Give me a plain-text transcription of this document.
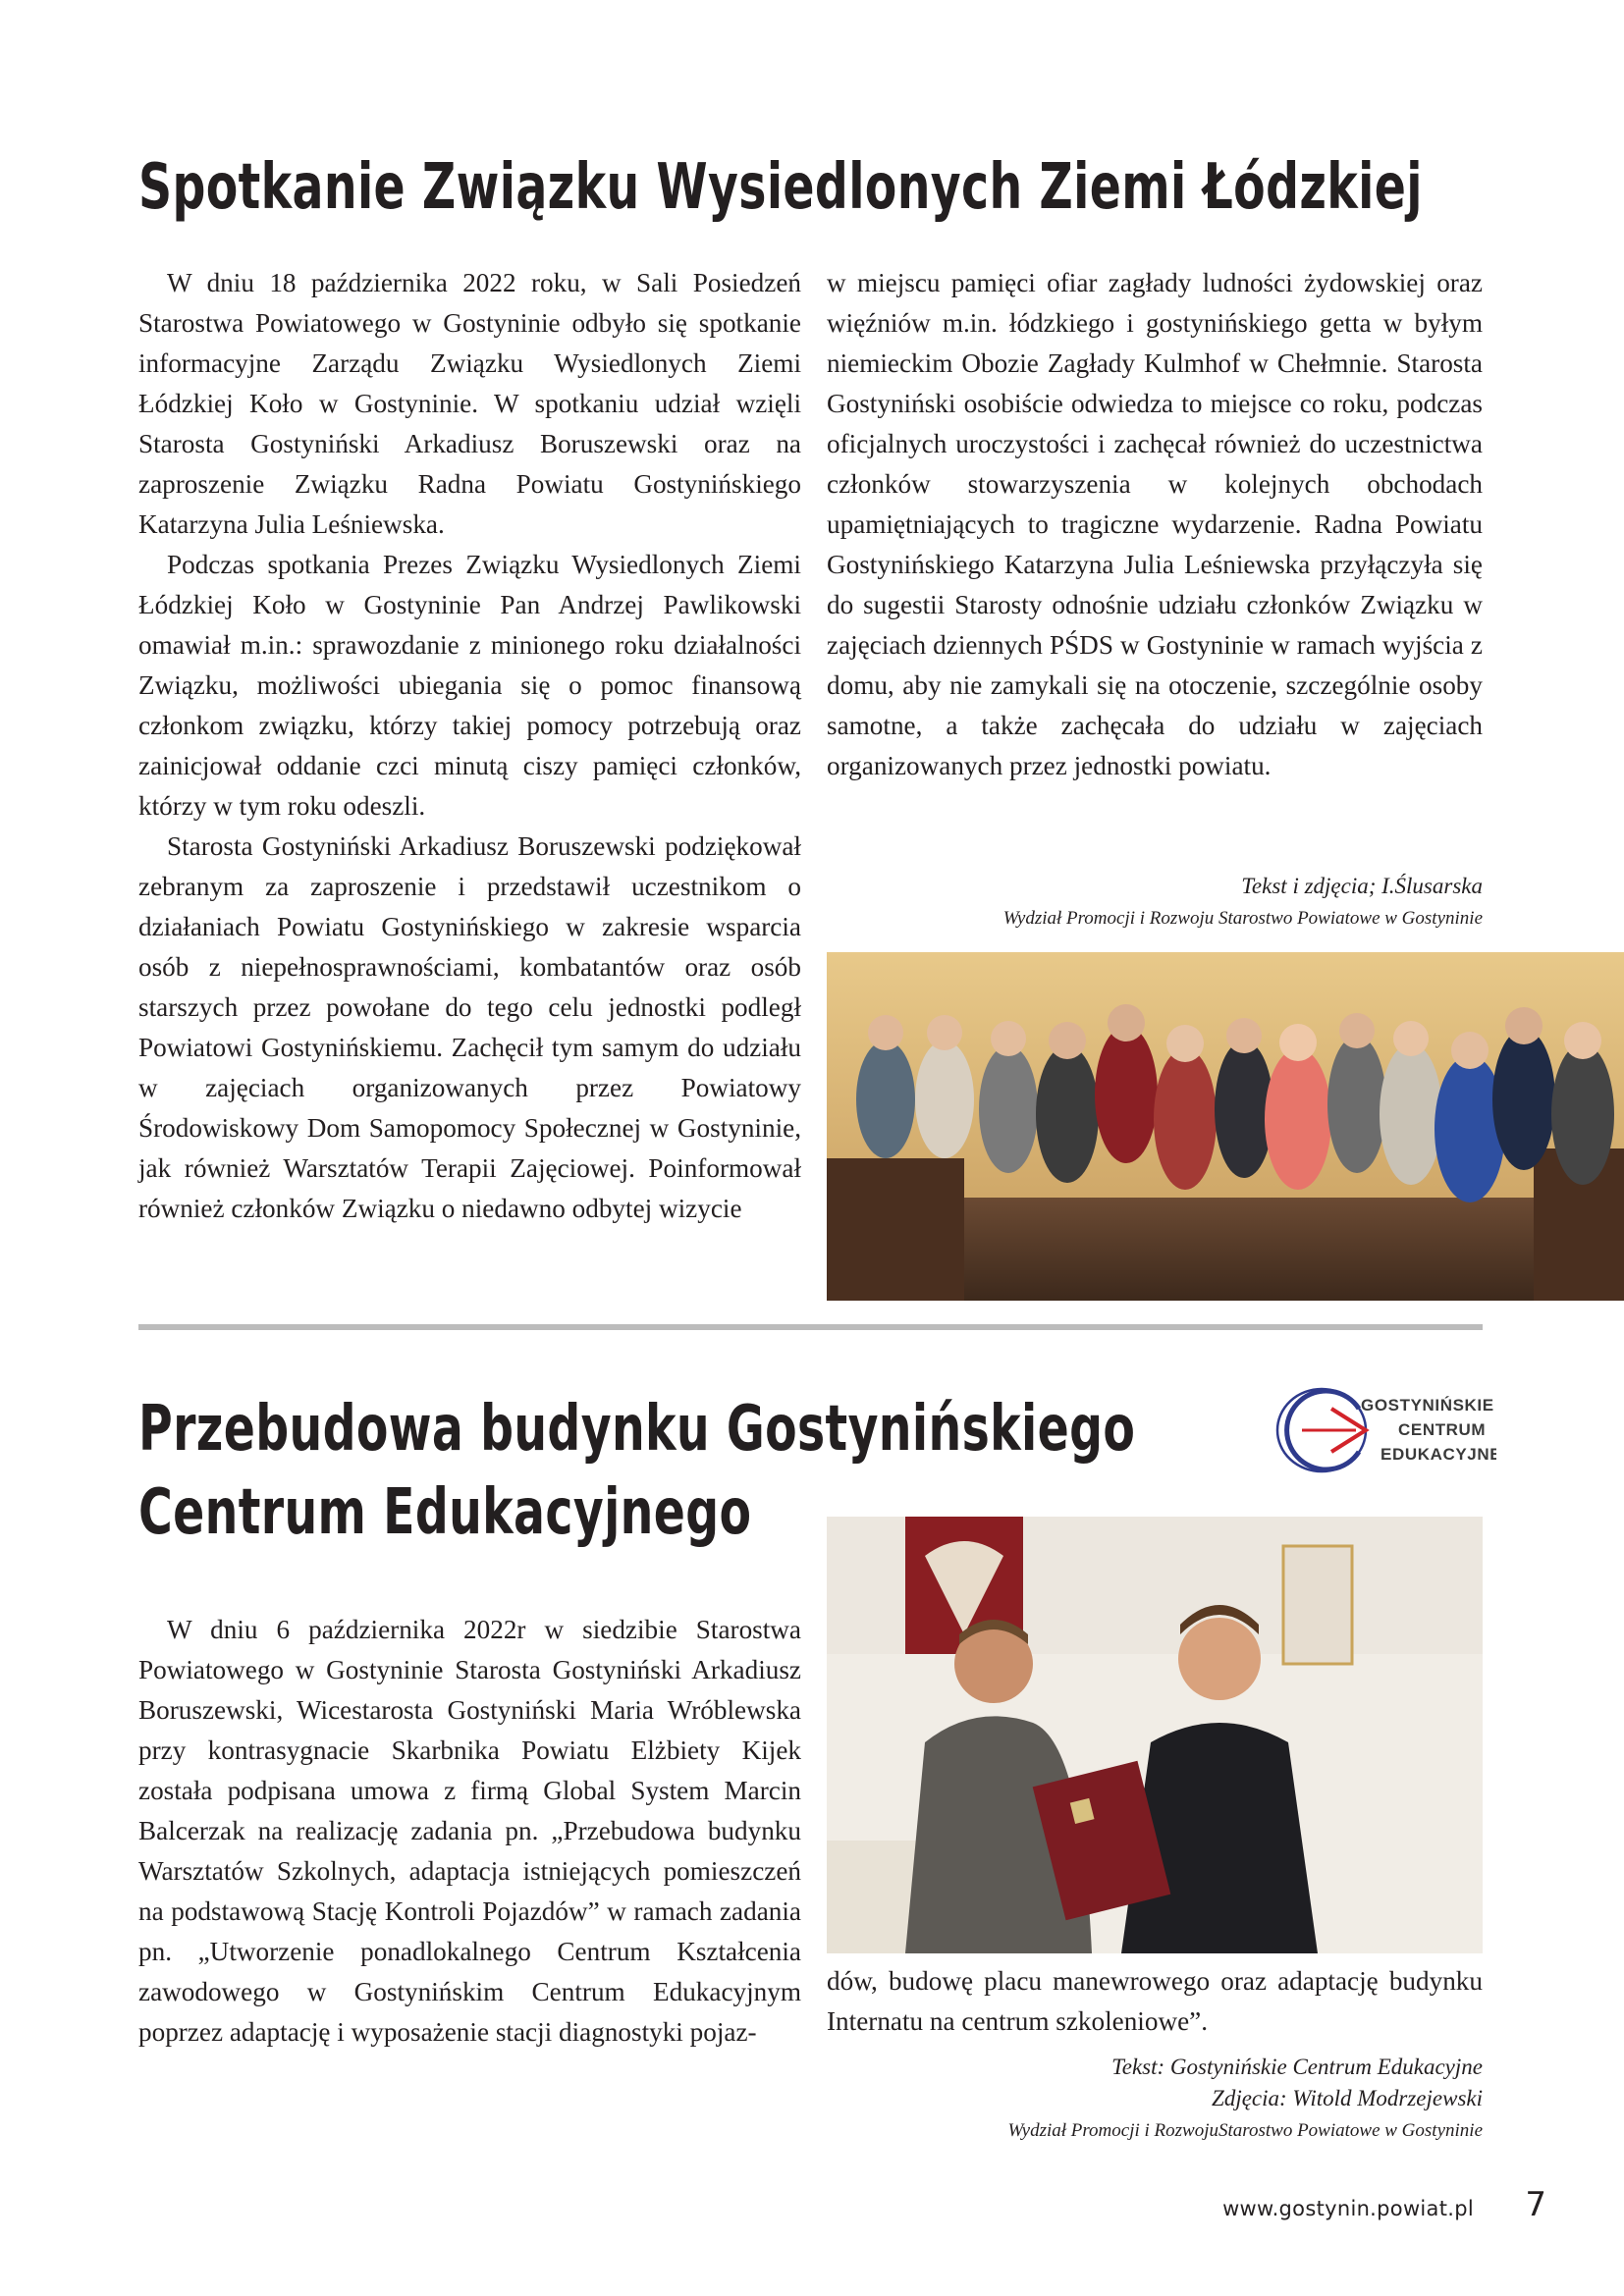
Spotkanie Związku Wysiedlonych Ziemi Łódzkiej

W dniu 18 października 2022 roku, w Sali Posiedzeń Starostwa Powiatowego w Gostyninie odbyło się spotkanie informacyjne Zarządu Związku Wysiedlonych Ziemi Łódzkiej Koło w Gostyninie. W spotkaniu udział wzięli Starosta Gostyniński Arkadiusz Boruszewski oraz na zaproszenie Związku Radna Powiatu Gostynińskiego Katarzyna Julia Leśniewska.

Podczas spotkania Prezes Związku Wysiedlonych Ziemi Łódzkiej Koło w Gostyninie Pan Andrzej Pawlikowski omawiał m.in.: sprawozdanie z minionego roku działalności Związku, możliwości ubiegania się o pomoc finansową członkom związku, którzy takiej pomocy potrzebują oraz zainicjował oddanie czci minutą ciszy pamięci członków, którzy w tym roku odeszli.

Starosta Gostyniński Arkadiusz Boruszewski podziękował zebranym za zaproszenie i przedstawił uczestnikom o działaniach Powiatu Gostynińskiego w zakresie wsparcia osób z niepełnosprawnościami, kombatantów oraz osób starszych przez powołane do tego celu jednostki podległ Powiatowi Gostynińskiemu. Zachęcił tym samym do udziału w zajęciach organizowanych przez Powiatowy Środowiskowy Dom Samopomocy Społecznej w Gostyninie, jak również Warsztatów Terapii Zajęciowej. Poinformował również członków Związku o niedawno odbytej wizycie

w miejscu pamięci ofiar zagłady ludności żydowskiej oraz więźniów m.in. łódzkiego i gostynińskiego getta w byłym niemieckim Obozie Zagłady Kulmhof w Chełmnie. Starosta Gostyniński osobiście odwiedza to miejsce co roku, podczas oficjalnych uroczystości i zachęcał również do uczestnictwa członków stowarzyszenia w kolejnych obchodach upamiętniających to tragiczne wydarzenie. Radna Powiatu Gostynińskiego Katarzyna Julia Leśniewska przyłączyła się do sugestii Starosty odnośnie udziału członków Związku w zajęciach dziennych PŚDS w Gostyninie w ramach wyjścia z domu, aby nie zamykali się na otoczenie, szczególnie osoby samotne, a także zachęcała do udziału w zajęciach organizowanych przez jednostki powiatu.

Tekst i zdjęcia; I.Ślusarska
Wydział Promocji i Rozwoju Starostwo Powiatowe w Gostyninie
Przebudowa budynku Gostynińskiego
Centrum Edukacyjnego
GOSTYNIŃSKIE
CENTRUM
EDUKACYJNE

W dniu 6 października 2022r w siedzibie Starostwa Powiatowego w Gostyninie Starosta Gostyniński Arkadiusz Boruszewski, Wicestarosta Gostyniński Maria Wróblewska przy kontrasygnacie Skarbnika Powiatu Elżbiety Kijek została podpisana umowa z firmą Global System Marcin Balcerzak na realizację zadania pn. „Przebudowa budynku Warsztatów Szkolnych, adaptacja istniejących pomieszczeń na podstawową Stację Kontroli Pojazdów” w ramach zadania pn. „Utworzenie ponadlokalnego Centrum Kształcenia zawodowego w Gostynińskim Centrum Edukacyjnym poprzez adaptację i wyposażenie stacji diagnostyki pojaz-

dów, budowę placu manewrowego oraz adaptację budynku Internatu na centrum szkoleniowe”.

Tekst: Gostynińskie Centrum Edukacyjne
Zdjęcia: Witold Modrzejewski
Wydział Promocji i RozwojuStarostwo Powiatowe w Gostyninie
www.gostynin.powiat.pl 7
